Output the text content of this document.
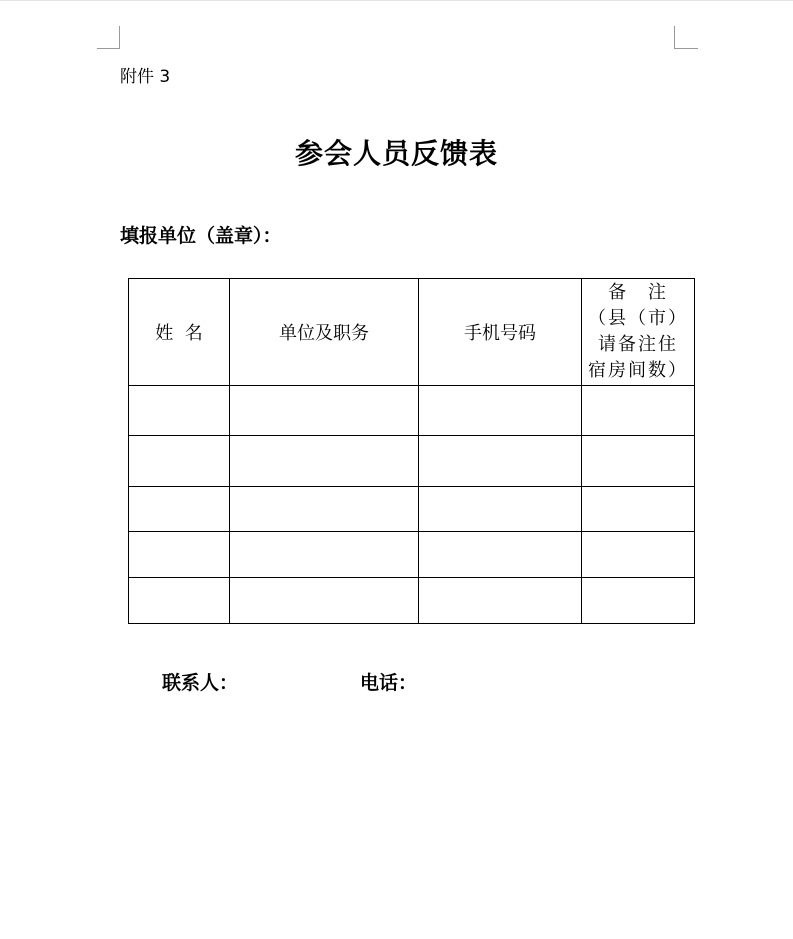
附件 3
参会人员反馈表
填报单位（盖章）：
姓  名	单位及职务	手机号码	备 注
（县（市）
请备注住
宿房间数）

联系人：	电话：
